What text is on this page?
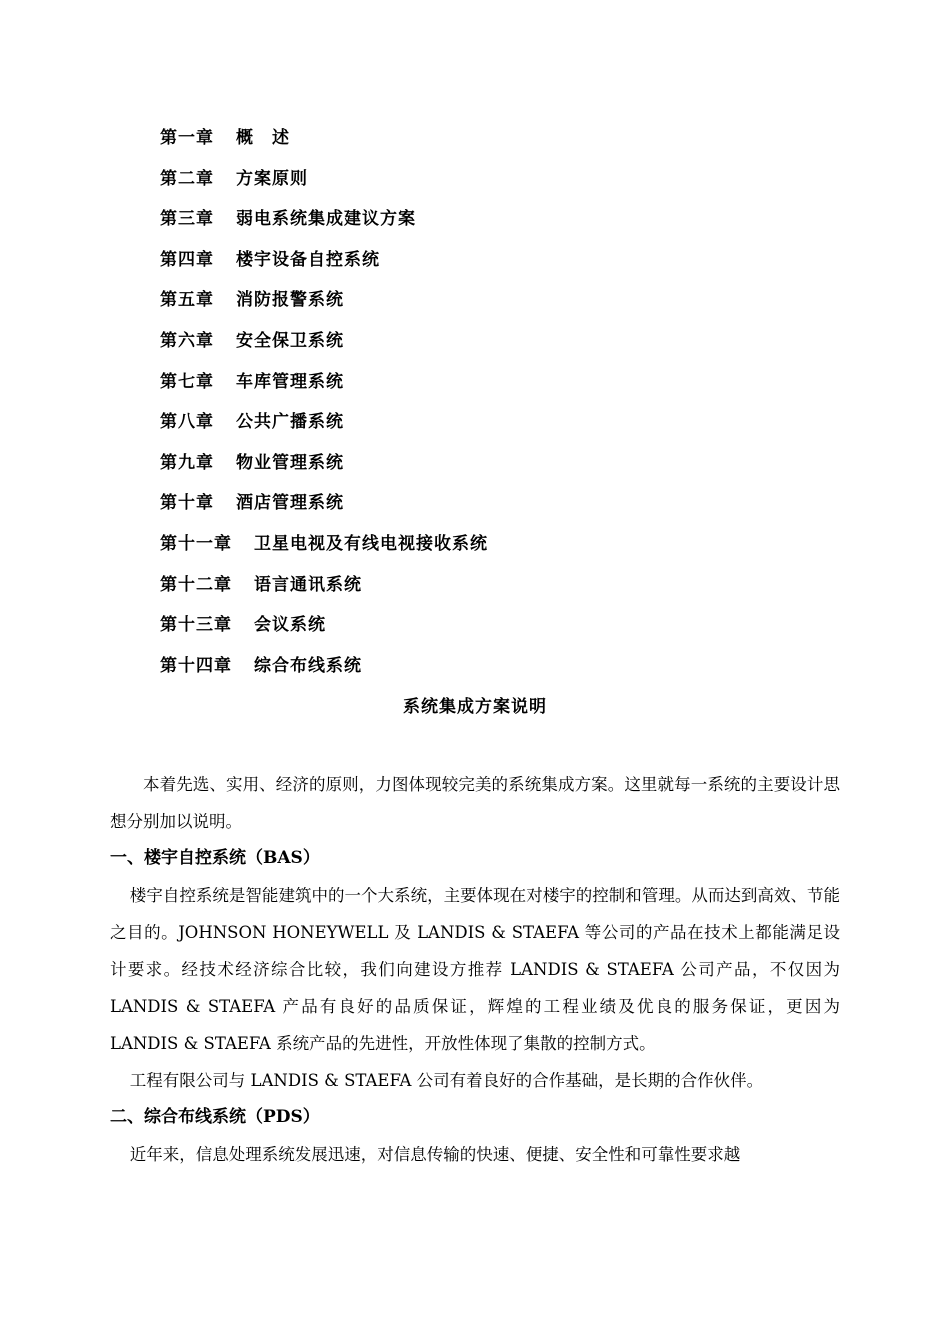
第一章 概　述
第二章 方案原则
第三章 弱电系统集成建议方案
第四章 楼宇设备自控系统
第五章 消防报警系统
第六章 安全保卫系统
第七章 车库管理系统
第八章 公共广播系统
第九章 物业管理系统
第十章 酒店管理系统
第十一章 卫星电视及有线电视接收系统
第十二章 语言通讯系统
第十三章 会议系统
第十四章 综合布线系统
系统集成方案说明

本着先选、实用、经济的原则，力图体现较完美的系统集成方案。这里就每一系统的主要设计思想分别加以说明。

一、楼宇自控系统（BAS）

楼宇自控系统是智能建筑中的一个大系统，主要体现在对楼宇的控制和管理。从而达到高效、节能之目的。JOHNSON HONEYWELL 及 LANDIS & STAEFA 等公司的产品在技术上都能满足设计要求。经技术经济综合比较，我们向建设方推荐 LANDIS & STAEFA 公司产品，不仅因为 LANDIS & STAEFA 产品有良好的品质保证，辉煌的工程业绩及优良的服务保证，更因为 LANDIS & STAEFA 系统产品的先进性，开放性体现了集散的控制方式。

工程有限公司与 LANDIS & STAEFA 公司有着良好的合作基础，是长期的合作伙伴。

二、综合布线系统（PDS）

近年来，信息处理系统发展迅速，对信息传输的快速、便捷、安全性和可靠性要求越
